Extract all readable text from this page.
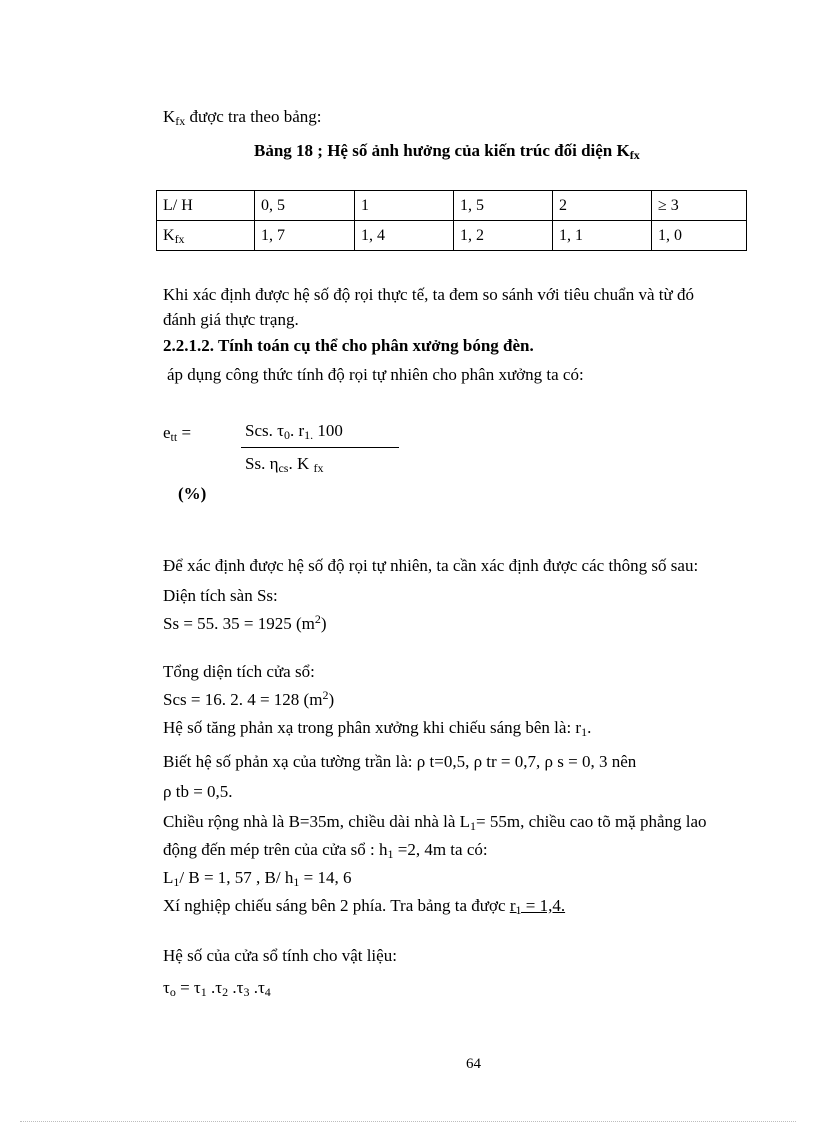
$K_{fx}$ được tra theo bảng:
Bảng 18 ; Hệ số ảnh hưởng của kiến trúc đối diện $K_{fx}$
L/ H	0, 5	1	1, 5	2	≥ 3
$K_{fx}$	1, 7	1, 4	1, 2	1, 1	1, 0
Khi xác định được hệ số độ rọi thực tế, ta đem so sánh với tiêu chuẩn và từ đó
đánh giá thực trạng.
2.2.1.2. Tính toán cụ thể cho phân xưởng bóng đèn.
áp dụng công thức tính độ rọi tự nhiên cho phân xưởng ta có:
$e_{tt}$ =	Scs. $\tau_0$. $r_{1.}$ 100
Ss. $\eta_{cs}$. K $_{fx}$
(%)
Để xác định được hệ số độ rọi tự nhiên, ta cần xác định được các thông số sau:
Diện tích sàn Ss:
Ss = 55. 35 = 1925 $(m^2)$
Tổng diện tích cửa sổ:
Scs = 16. 2. 4 = 128 $(m^2)$
Hệ số tăng phản xạ trong phân xưởng khi chiếu sáng bên là: $r_1$.
Biết hệ số phản xạ của tường trần là: ρ t=0,5, ρ tr = 0,7, ρ s = 0, 3 nên
ρ tb = 0,5.
Chiều rộng nhà là B=35m, chiều dài nhà là $L_1= 55m$, chiều cao tõ mặ phẳng lao
động đến mép trên của cửa sổ : $h_1 =2$, 4m ta có:
$L_1/$ B = 1, 57 , B/ $h_1 = 14$, 6
Xí nghiệp chiếu sáng bên 2 phía. Tra bảng ta được $r_1 = 1,4$.
Hệ số của cửa sổ tính cho vật liệu:
$\tau_o = \tau_1$ $.\tau_2$ $.\tau_3$ $.\tau_4$
64
